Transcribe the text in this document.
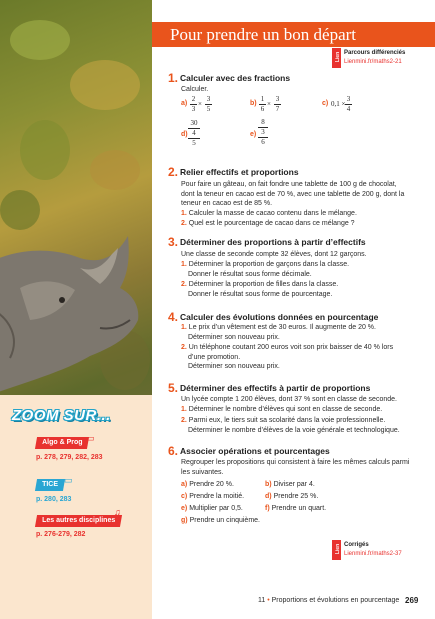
ZOOM SUR...
Algo & Prog ▭
p. 278, 279, 282, 283
TICE ▭
p. 280, 283
Les autres disciplines
♫
p. 276-279, 282
Pour prendre un bon départ
Lien Parcours différenciés
Lienmini.fr/maths2-21
1. Calculer avec des fractions
Calculer.
a)
2
3
×
3
5
b)
1
6
×
3
7
c) 0,1 ×
3
4
d)
30
4
5
e)
8
3
6
2. Relier effectifs et proportions
Pour faire un gâteau, on fait fondre une tablette de 100 g de chocolat,
dont la teneur en cacao est de 70 %, avec une tablette de 200 g, dont la
teneur en cacao est de 85 %.
1. Calculer la masse de cacao contenu dans le mélange.
2. Quel est le pourcentage de cacao dans ce mélange ?
3. Déterminer des proportions à partir d’effectifs
Une classe de seconde compte 32 élèves, dont 12 garçons.
1. Déterminer la proportion de garçons dans la classe.
Donner le résultat sous forme décimale.
2. Déterminer la proportion de filles dans la classe.
Donner le résultat sous forme de pourcentage.
4. Calculer des évolutions données en pourcentage
1. Le prix d’un vêtement est de 30 euros. Il augmente de 20 %.
Déterminer son nouveau prix.
2. Un téléphone coutant 200 euros voit son prix baisser de 40 % lors
d’une promotion.
Déterminer son nouveau prix.
5. Déterminer des effectifs à partir de proportions
Un lycée compte 1 200 élèves, dont 37 % sont en classe de seconde.
1. Déterminer le nombre d’élèves qui sont en classe de seconde.
2. Parmi eux, le tiers suit sa scolarité dans la voie professionnelle.
Déterminer le nombre d’élèves de la voie générale et technologique.
6. Associer opérations et pourcentages
Regrouper les propositions qui consistent à faire les mêmes calculs parmi
les suivantes.
a) Prendre 20 %.	b) Diviser par 4.
c) Prendre la moitié.	d) Prendre 25 %.
e) Multiplier par 0,5.	f) Prendre un quart.
g) Prendre un cinquième.
Lien Corrigés
Lienmini.fr/maths2-37
11 • Proportions et évolutions en pourcentage 269
